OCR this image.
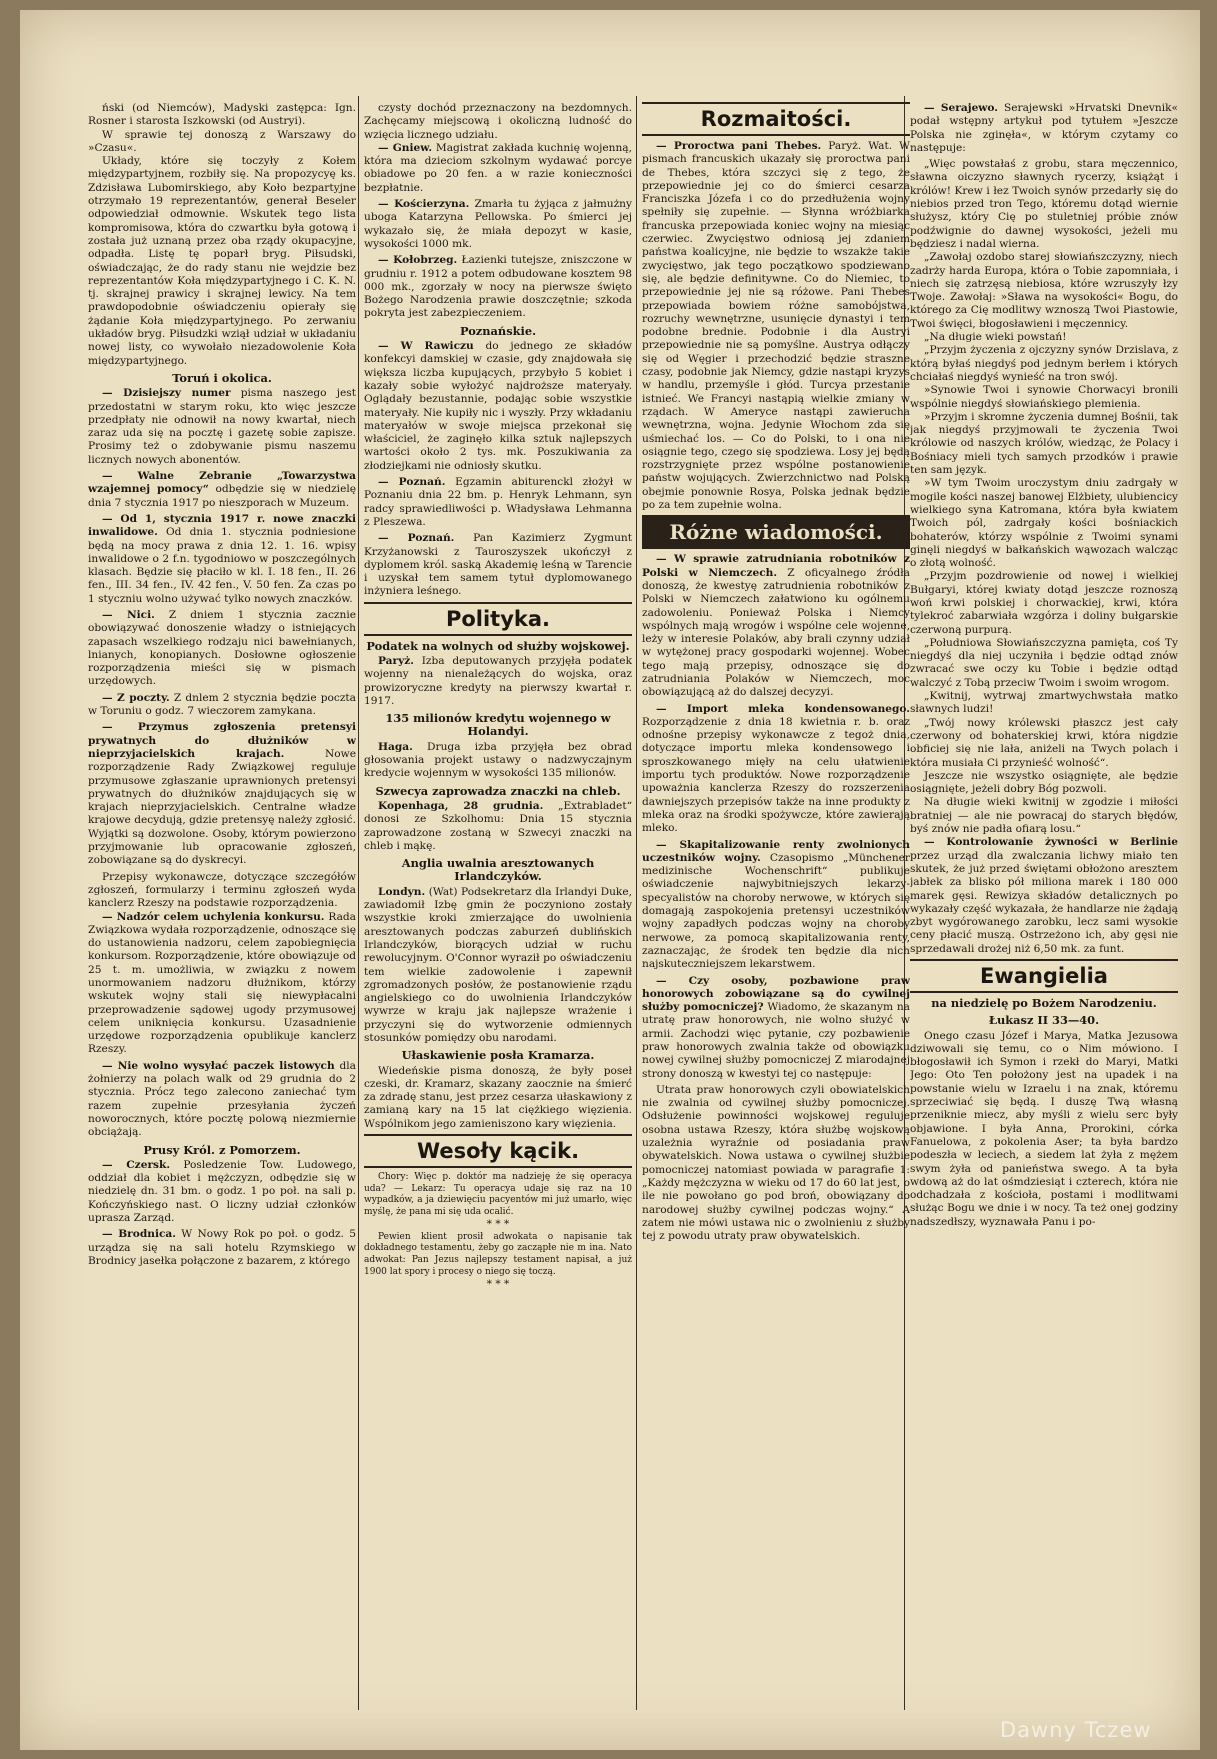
ński (od Niemców), Madyski zastępca: Ign. Rosner i starosta Iszkowski (od Austryi).

W sprawie tej donoszą z Warszawy do »Czasu«.

Układy, które się toczyły z Kołem międzypartyjnem, rozbiły się. Na propozycyę ks. Zdzisława Lubomirskiego, aby Koło bezpartyjne otrzymało 19 reprezentantów, generał Beseler odpowiedział odmownie. Wskutek tego lista kompromisowa, która do czwartku była gotową i została już uznaną przez oba rządy okupacyjne, odpadła. Listę tę poparł bryg. Piłsudski, oświadczając, że do rady stanu nie wejdzie bez reprezentantów Koła międzypartyjnego i C. K. N. tj. skrajnej prawicy i skrajnej lewicy. Na tem prawdopodobnie oświadczeniu opierały się żądanie Koła międzypartyjnego. Po zerwaniu układów bryg. Piłsudzki wziął udział w układaniu nowej listy, co wywołało niezadowolenie Koła międzypartyjnego.

Toruń i okolica.

— Dzisiejszy numer pisma naszego jest przedostatni w starym roku, kto więc jeszcze przedpłaty nie odnowił na nowy kwartał, niech zaraz uda się na pocztę i gazetę sobie zapisze. Prosimy też o zdobywanie pismu naszemu licznych nowych abonentów.

— Walne Zebranie „Towarzystwa wzajemnej pomocy“ odbędzie się w niedzielę dnia 7 stycznia 1917 po nieszporach w Muzeum.

— Od 1, stycznia 1917 r. nowe znaczki inwalidowe. Od dnia 1. stycznia podniesione będą na mocy prawa z dnia 12. 1. 16. wpisy inwalidowe o 2 f.n. tygodniowo w poszczególnych klasach. Będzie się płaciło w kl. I. 18 fen., II. 26 fen., III. 34 fen., IV. 42 fen., V. 50 fen. Za czas po 1 styczniu wolno używać tylko nowych znaczków.

— Nici. Z dniem 1 stycznia zacznie obowiązywać donoszenie władzy o istniejących zapasach wszelkiego rodzaju nici bawełnianych, lnianych, konopianych. Dosłowne ogłoszenie rozporządzenia mieści się w pismach urzędowych.

— Z poczty. Z dnlem 2 stycznia będzie poczta w Toruniu o godz. 7 wieczorem zamykana.

— Przymus zgłoszenia pretensyi prywatnych do dłużników w nieprzyjacielskich krajach.	Nowe rozporządzenie Rady Związkowej reguluje przymusowe zgłaszanie uprawnionych pretensyi prywatnych do dłużników znajdujących się w krajach nieprzyjacielskich. Centralne władze krajowe decydują, gdzie pretensyę należy zgłosić. Wyjątki są dozwolone. Osoby, którym powierzono przyjmowanie lub opracowanie zgłoszeń, zobowiązane są do dyskrecyi.

Przepisy wykonawcze, dotyczące szczegółów zgłoszeń, formularzy i terminu zgłoszeń wyda kanclerz Rzeszy na podstawie rozporządzenia.

— Nadzór celem uchylenia konkursu. Rada Związkowa wydała rozporządzenie, odnoszące się do ustanowienia nadzoru, celem zapobiegnięcia konkursom. Rozporządzenie, które obowiązuje od 25 t. m. umożliwia, w związku z nowem unormowaniem nadzoru dłużnikom, którzy wskutek wojny stali się niewypłacalni przeprowadzenie sądowej ugody przymusowej celem uniknięcia konkursu. Uzasadnienie urzędowe rozporządzenia opublikuje kanclerz Rzeszy.

— Nie wolno wysyłać paczek listowych dla żołnierzy na polach walk od 29 grudnia do 2 stycznia. Prócz tego zalecono zaniechać tym razem zupełnie przesyłania życzeń noworocznych, które pocztę polową niezmiernie obciążają.

Prusy Król. z Pomorzem.

— Czersk. Posledzenie Tow. Ludowego, oddział dla kobiet i mężczyzn, odbędzie się w niedzielę dn. 31 bm. o godz. 1 po poł. na sali p. Kończyńskiego nast. O liczny udział członków uprasza Zarząd.

— Brodnica. W Nowy Rok po poł. o godz. 5 urządza się na sali hotelu Rzymskiego w Brodnicy jasełka połączone z bazarem, z którego

czysty dochód przeznaczony na bezdomnych. Zachęcamy miejscową i okoliczną ludność do wzięcia licznego udziału.

— Gniew. Magistrat zakłada kuchnię wojenną, która ma dzieciom szkolnym wydawać porcye obiadowe po 20 fen. a w razie konieczności bezpłatnie.

— Kościerzyna. Zmarła tu żyjąca z jałmużny uboga Katarzyna Pellowska. Po śmierci jej wykazało się, że miała depozyt w kasie, wysokości 1000 mk.

— Kołobrzeg. Łazienki tutejsze, zniszczone w grudniu r. 1912 a potem odbudowane kosztem 98 000 mk., zgorzały w nocy na pierwsze święto Bożego Narodzenia prawie doszczętnie; szkoda pokryta jest zabezpieczeniem.

Poznańskie.

— W Rawiczu do jednego ze składów konfekcyi damskiej w czasie, gdy znajdowała się większa liczba kupujących, przybyło 5 kobiet i kazały sobie wyłożyć najdroższe materyały. Oglądały bezustannie, podając sobie wszystkie materyały. Nie kupiły nic i wyszły. Przy wkładaniu materyałów w swoje miejsca przekonał się właściciel, że zaginęło kilka sztuk najlepszych wartości około 2 tys. mk. Poszukiwania za złodziejkami nie odniosły skutku.

— Poznań. Egzamin abiturenckl złożył w Poznaniu dnia 22 bm. p. Henryk Lehmann, syn radcy sprawiedliwości p. Władysława Lehmanna z Pleszewa.

— Poznań. Pan Kazimierz Zygmunt Krzyżanowski z Tauroszyszek ukończył z dyplomem król. saską Akademię leśną w Tarencie i uzyskał tem samem tytuł dyplomowanego inżyniera leśnego.

Polityka.
Podatek na wolnych od służby wojskowej.

Paryż. Izba deputowanych przyjęła podatek wojenny na nienależących do wojska, oraz prowizoryczne kredyty na pierwszy kwartał r. 1917.

135 milionów kredytu wojennego w Holandyi.

Haga. Druga izba przyjęła bez obrad głosowania projekt ustawy o nadzwyczajnym kredycie wojennym w wysokości 135 milionów.

Szwecya zaprowadza znaczki na chleb.

Kopenhaga, 28 grudnia. „Extrabladet“ donosi ze Szkolhomu: Dnia 15 stycznia zaprowadzone zostaną w Szwecyi znaczki na chleb i mąkę.

Anglia uwalnia aresztowanych Irlandczyków.

Londyn. (Wat) Podsekretarz dla Irlandyi Duke, zawiadomił Izbę gmin że poczyniono zostały wszystkie kroki zmierzające do uwolnienia aresztowanych podczas zaburzeń dublińskich Irlandczyków, biorących udział w ruchu rewolucyjnym. O'Connor wyraził po oświadczeniu tem wielkie zadowolenie i zapewnił zgromadzonych posłów, że postanowienie rządu angielskiego co do uwolnienia Irlandczyków wywrze w kraju jak najlepsze wrażenie i przyczyni się do wytworzenie odmiennych stosunków pomiędzy obu narodami.

Ułaskawienie posła Kramarza.

Wiedeńskie pisma donoszą, że były poseł czeski, dr. Kramarz, skazany zaocznie na śmierć za zdradę stanu, jest przez cesarza ułaskawiony z zamianą kary na 15 lat ciężkiego więzienia. Wspólnikom jego zamieniszono kary więzienia.

Wesoły kącik.

Chory: Więc p. doktór ma nadzieję że się operacya uda? — Lekarz: Tu operacya udaje się raz na 10 wypadków, a ja dziewięciu pacyentów mi już umarło, więc myślę, że pana mi się uda ocalić.

* * *

Pewien klient prosił adwokata o napisanie tak dokładnego testamentu, żeby go zacząpłe nie m ina. Nato adwokat: Pan Jezus najlepszy testament napisał, a już 1900 lat spory i procesy o niego się toczą.

* * *
Rozmaitości.

— Proroctwa pani Thebes. Paryż. Wat. W pismach francuskich ukazały się proroctwa pani de Thebes, która szczyci się z tego, że przepowiednie jej co do śmierci cesarza Franciszka Józefa i co do przedłużenia wojny spełniły się zupełnie. — Słynna wróżbiarka francuska przepowiada koniec wojny na miesiąc czerwiec. Zwycięstwo odniosą jej zdaniem państwa koalicyjne, nie będzie to wszakże takie zwycięstwo, jak tego początkowo spodziewano się, ale będzie definitywne. Co do Niemiec, to przepowiednie jej nie są różowe. Pani Thebes przepowiada bowiem różne samobójstwa, rozruchy wewnętrzne, usunięcie dynastyi i tem podobne brednie. Podobnie i dla Austryi przepowiednie nie są pomyślne. Austrya odłączy się od Węgier i przechodzić będzie straszne czasy, podobnie jak Niemcy, gdzie nastąpi kryzys w handlu, przemyśle i głód. Turcya przestanie istnieć. We Francyi nastąpią wielkie zmiany w rządach. W Ameryce nastąpi zawierucha wewnętrzna, wojna. Jedynie Włochom zda się uśmiechać los. — Co do Polski, to i ona nie osiągnie tego, czego się spodziewa. Losy jej będą rozstrzygnięte przez wspólne postanowienie państw wojujących. Zwierzchnictwo nad Polską obejmie ponownie Rosya, Polska jednak będzie po za tem zupełnie wolna.

Różne wiadomości.

— W sprawie zatrudniania robotników z Polski w Niemczech. Z oficyalnego źródła donoszą, że kwestyę zatrudnienia robotników z Polski w Niemczech załatwiono ku ogólnemu zadowoleniu. Ponieważ Polska i Niemcy wspólnych mają wrogów i wspólne cele wojenne, leży w interesie Polaków, aby brali czynny udział w wytężonej pracy gospodarki wojennej. Wobec tego mają przepisy, odnoszące się do zatrudniania Polaków w Niemczech, moc obowiązującą aż do dalszej decyzyi.

— Import mleka kondensowanego. Rozporządzenie z dnia 18 kwietnia r. b. oraz odnośne przepisy wykonawcze z tegoż dnia, dotyczące importu mleka kondensowego i sproszkowanego mięły na celu ułatwienie importu tych produktów. Nowe rozporządzenie upoważnia kanclerza Rzeszy do rozszerzenia dawniejszych przepisów także na inne produkty z mleka oraz na środki spożywcze, które zawierają mleko.

— Skapitalizowanie renty zwolnionych uczestników wojny. Czasopismo „Münchener medizinische Wochenschrift“ publikuje oświadczenie najwybitniejszych lekarzy-specyalistów na choroby nerwowe, w których się domagają zaspokojenia pretensyi uczestników wojny zapadłych podczas wojny na choroby nerwowe, za pomocą skapitalizowania renty, zaznaczając, że środek ten będzie dla nich najskuteczniejszem lekarstwem.

— Czy osoby, pozbawione praw honorowych zobowiązane są do cywilnej służby pomocniczej? Wiadomo, że skazanym na utratę praw honorowych, nie wolno służyć w armii. Zachodzi więc pytanie, czy pozbawienie praw honorowych zwalnia także od obowiązku nowej cywilnej służby pomocniczej Z miarodajnej strony donoszą w kwestyi tej co następuje:

Utrata praw honorowych czyli obowiatelskich nie zwalnia od cywilnej służby pomocniczej. Odsłużenie powinności wojskowej reguluje osobna ustawa Rzeszy, która służbę wojskową uzależnia wyraźnie od posiadania praw obywatelskich. Nowa ustawa o cywilnej służbie pomocniczej natomiast powiada w paragrafie 1: „Każdy mężczyzna w wieku od 17 do 60 lat jest, o ile nie powołano go pod broń, obowiązany do narodowej służby cywilnej podczas wojny.“ A zatem nie mówi ustawa nic o zwolnieniu z służby tej z powodu utraty praw obywatelskich.

— Serajewo. Serajewski »Hrvatski Dnevnik« podał wstępny artykuł pod tytułem »Jeszcze Polska nie zginęła«, w którym czytamy co następuje:

„Więc powstałaś z grobu, stara męczennico, sławna oiczyzno sławnych rycerzy, książąt i królów! Krew i łez Twoich synów przedarły się do niebios przed tron Tego, któremu dotąd wiernie służysz, który Cię po stuletniej próbie znów podźwignie do dawnej wysokości, jeżeli mu będziesz i nadal wierna.

„Zawołaj ozdobo starej słowiańszczyzny, niech zadrży harda Europa, która o Tobie zapomniała, i niech się zatrzęsą niebiosa, które wzruszyły łzy Twoje. Zawołaj: »Sława na wysokości« Bogu, do którego za Cię modlitwy wznoszą Twoi Piastowie, Twoi święci, błogosławieni i męczennicy.

„Na długie wieki powstań!

„Przyjm życzenia z ojczyzny synów Drzislava, z którą byłaś niegdyś pod jednym berłem i których chciałaś niegdyś wynieść na tron swój.

»Synowie Twoi i synowie Chorwacyi bronili wspólnie niegdyś słowiańskiego plemienia.

»Przyjm i skromne życzenia dumnej Bośnii, tak jak niegdyś przyjmowali te życzenia Twoi królowie od naszych królów, wiedząc, że Polacy i Bośniacy mieli tych samych przodków i prawie ten sam język.

»W tym Twoim uroczystym dniu zadrgały w mogile kości naszej banowej Elżbiety, ulubiencicy wielkiego syna Katromana, która była kwiatem Twoich pól, zadrgały kości bośniackich bohaterów, którzy wspólnie z Twoimi synami ginęli niegdyś w bałkańskich wąwozach walcząc o złotą wolność.

„Przyjm pozdrowienie od nowej i wielkiej Bułgaryi, której kwiaty dotąd jeszcze roznoszą woń krwi polskiej i chorwackiej, krwi, która tylekroć zabarwiała wzgórza i doliny bułgarskie czerwoną purpurą.

„Południowa Słowiańszczyzna pamięta, coś Ty niegdyś dla niej uczyniła i będzie odtąd znów zwracać swe oczy ku Tobie i będzie odtąd walczyć z Tobą przeciw Twoim i swoim wrogom.

„Kwitnij, wytrwaj zmartwychwstała matko sławnych ludzi!

„Twój nowy królewski płaszcz jest cały czerwony od bohaterskiej krwi, która nigdzie obficiej się nie lała, aniżeli na Twych polach i która musiała Ci przynieść wolność“.

Jeszcze nie wszystko osiągnięte, ale będzie osiągnięte, jeżeli dobry Bóg pozwoli.

Na długie wieki kwitnij w zgodzie i miłości bratniej — ale nie powracaj do starych błędów, byś znów nie padła ofiarą losu.“

— Kontrolowanie żywności w Berlinie przez urząd dla zwalczania lichwy miało ten skutek, że już przed świętami obłożono aresztem jabłek za blisko pół miliona marek i 180 000 marek gęsi. Rewizya składów detalicznych po wykazały część wykazała, że handlarze nie żądają zbyt wygórowanego zarobku, lecz sami wysokie ceny płacić muszą. Ostrzeżono ich, aby gęsi nie sprzedawali drożej niż 6,50 mk. za funt.

Ewangielia
na niedzielę po Bożem Narodzeniu.
Łukasz II 33—40.

Onego czasu Józef i Marya, Matka Jezusowa dziwowali się temu, co o Nim mówiono. I błogosławił ich Symon i rzekł do Maryi, Matki Jego: Oto Ten położony jest na upadek i na powstanie wielu w Izraelu i na znak, któremu sprzeciwiać się będą. I duszę Twą własną przeniknie miecz, aby myśli z wielu serc były objawione. I była Anna, Prorokini, córka Fanuelowa, z pokolenia Aser; ta była bardzo podeszła w leciech, a siedem lat żyła z mężem swym żyła od panieństwa swego. A ta była wdową aż do lat ośmdziesiąt i czterech, która nie odchadzała z kościoła, postami i modlitwami służąc Bogu we dnie i w nocy. Ta też onej godziny nadszedłszy, wyznawała Panu i po-

Dawny Tczew
